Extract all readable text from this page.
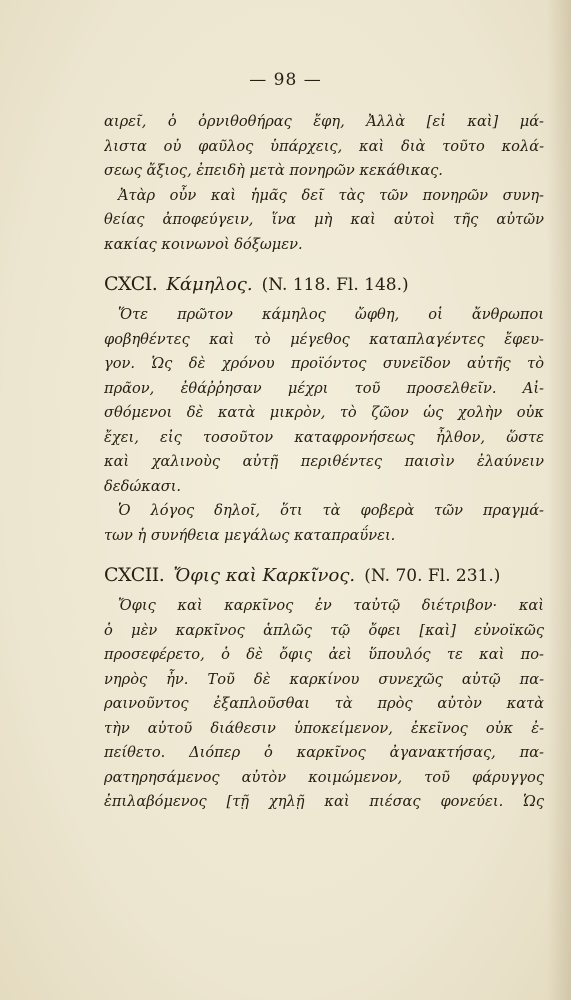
— 98 —
αιρεῖ, ὁ ὀρνιθοθήρας ἔφη, Ἀλλὰ [εἰ καὶ] μά-
λιστα οὐ φαῦλος ὑπάρχεις, καὶ διὰ τοῦτο κολά-
σεως ἄξιος, ἐπειδὴ μετὰ πονηρῶν κεκάθικας.
Ἀτὰρ οὖν καὶ ἡμᾶς δεῖ τὰς τῶν πονηρῶν συνη-
θείας ἀποφεύγειν, ἵνα μὴ καὶ αὐτοὶ τῆς αὐτῶν
κακίας κοινωνοὶ δόξωμεν.
CXCI. Κάμηλος. (N. 118. Fl. 148.)
Ὅτε πρῶτον κάμηλος ὤφθη, οἱ ἄνθρωποι
φοβηθέντες καὶ τὸ μέγεθος καταπλαγέντες ἔφευ-
γον. Ὡς δὲ χρόνου προϊόντος συνεῖδον αὐτῆς τὸ
πρᾶον, ἐθάῤῥησαν μέχρι τοῦ προσελθεῖν. Αἰ-
σθόμενοι δὲ κατὰ μικρὸν, τὸ ζῶον ὡς χολὴν οὐκ
ἔχει, εἰς τοσοῦτον καταφρονήσεως ἦλθον, ὥστε
καὶ χαλινοὺς αὐτῇ περιθέντες παισὶν ἐλαύνειν
δεδώκασι.
Ὁ λόγος δηλοῖ, ὅτι τὰ φοβερὰ τῶν πραγμά-
των ἡ συνήθεια μεγάλως καταπραΰνει.
CXCII. Ὄφις καὶ Καρκῖνος. (N. 70. Fl. 231.)
Ὄφις καὶ καρκῖνος ἐν ταὐτῷ διέτριβον· καὶ
ὁ μὲν καρκῖνος ἁπλῶς τῷ ὄφει [καὶ] εὐνοϊκῶς
προσεφέρετο, ὁ δὲ ὄφις ἀεὶ ὕπουλός τε καὶ πο-
νηρὸς ἦν. Τοῦ δὲ καρκίνου συνεχῶς αὐτῷ πα-
ραινοῦντος ἐξαπλοῦσθαι τὰ πρὸς αὐτὸν κατὰ
τὴν αὐτοῦ διάθεσιν ὑποκείμενον, ἐκεῖνος οὐκ ἐ-
πείθετο. Διόπερ ὁ καρκῖνος ἀγανακτήσας, πα-
ρατηρησάμενος αὐτὸν κοιμώμενον, τοῦ φάρυγγος
ἐπιλαβόμενος [τῇ χηλῇ καὶ πιέσας φονεύει. Ὡς
